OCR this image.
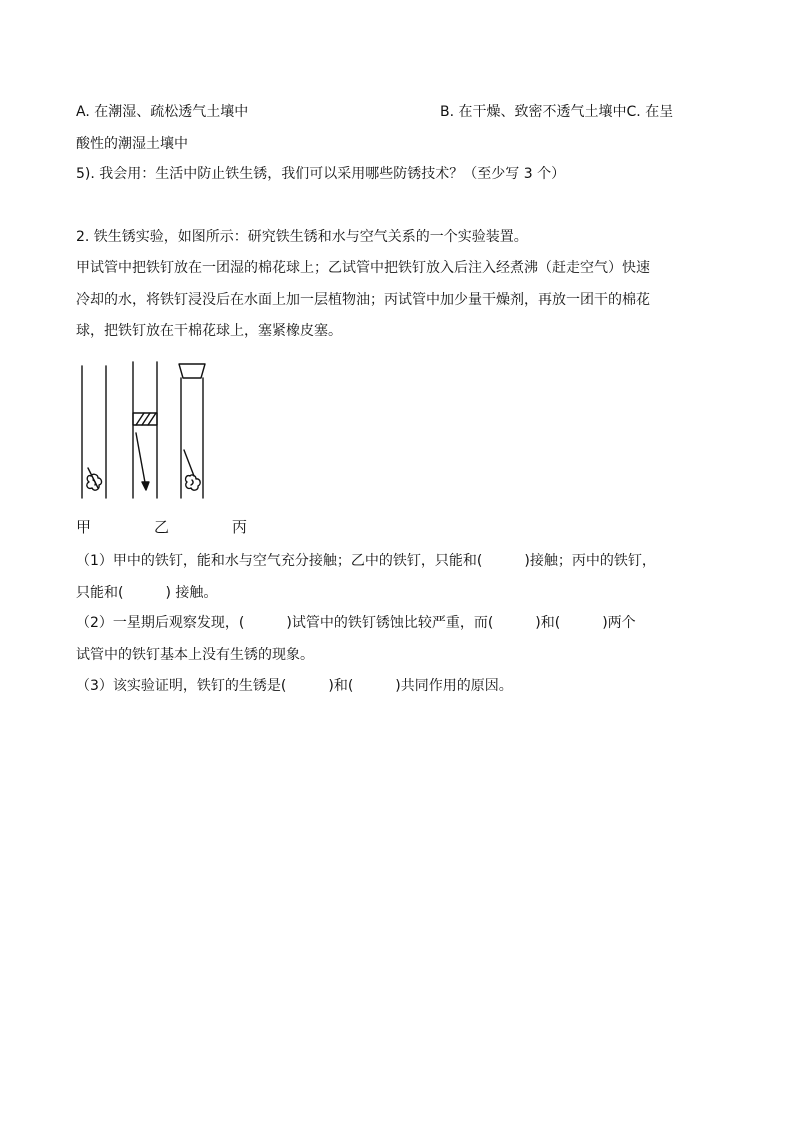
A. 在潮湿、疏松透气土壤中	B. 在干燥、致密不透气土壤中C. 在呈
酸性的潮湿土壤中
5). 我会用：生活中防止铁生锈，我们可以采用哪些防锈技术？（至少写 3 个）
2. 铁生锈实验，如图所示：研究铁生锈和水与空气关系的一个实验装置。
甲试管中把铁钉放在一团湿的棉花球上；乙试管中把铁钉放入后注入经煮沸（赶走空气）快速
冷却的水，将铁钉浸没后在水面上加一层植物油；丙试管中加少量干燥剂，再放一团干的棉花
球，把铁钉放在干棉花球上，塞紧橡皮塞。
甲	乙	丙
（1）甲中的铁钉，能和水与空气充分接触；乙中的铁钉，只能和(　　　)接触；丙中的铁钉，
只能和(　　　) 接触。
（2）一星期后观察发现，(　　　)试管中的铁钉锈蚀比较严重，而(　　　)和(　　　)两个
试管中的铁钉基本上没有生锈的现象。
（3）该实验证明，铁钉的生锈是(　　　)和(　　　)共同作用的原因。
